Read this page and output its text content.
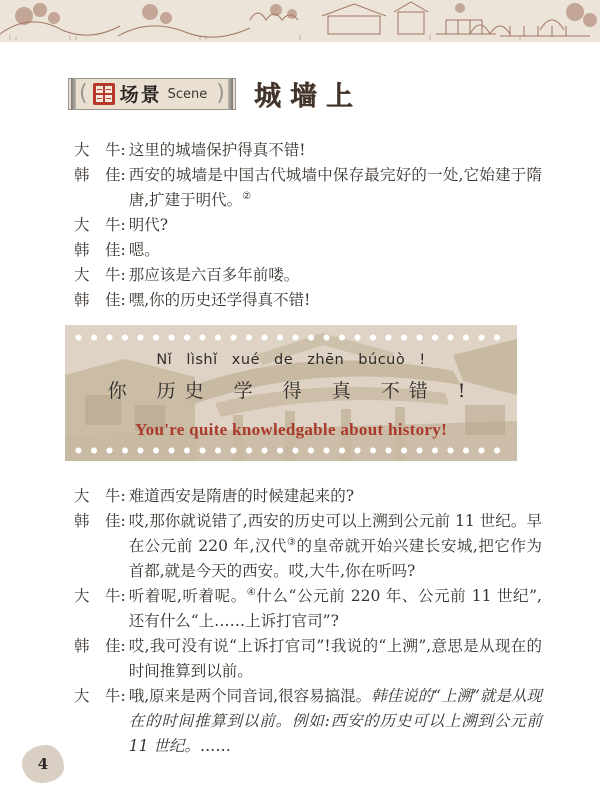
( 场景 Scene ) 城墙上
大　牛: 这里的城墙保护得真不错!
韩　佳: 西安的城墙是中国古代城墙中保存最完好的一处,它始建于隋唐,扩建于明代。②
大　牛: 明代?
韩　佳: 嗯。
大　牛: 那应该是六百多年前喽。
韩　佳: 嘿,你的历史还学得真不错!
Nǐ lìshǐ xué de zhēn búcuò !
你 历史 学 得 真 不错 !
You're quite knowledgable about history!
大　牛: 难道西安是隋唐的时候建起来的?
韩　佳: 哎,那你就说错了,西安的历史可以上溯到公元前 11 世纪。早在公元前 220 年,汉代③的皇帝就开始兴建长安城,把它作为首都,就是今天的西安。哎,大牛,你在听吗?
大　牛: 听着呢,听着呢。④什么“公元前 220 年、公元前 11 世纪”,还有什么“上……上诉打官司”?
韩　佳: 哎,我可没有说“上诉打官司”!我说的“上溯”,意思是从现在的时间推算到以前。
大　牛: 哦,原来是两个同音词,很容易搞混。韩佳说的“上溯”就是从现在的时间推算到以前。例如:西安的历史可以上溯到公元前 11 世纪。……
4
